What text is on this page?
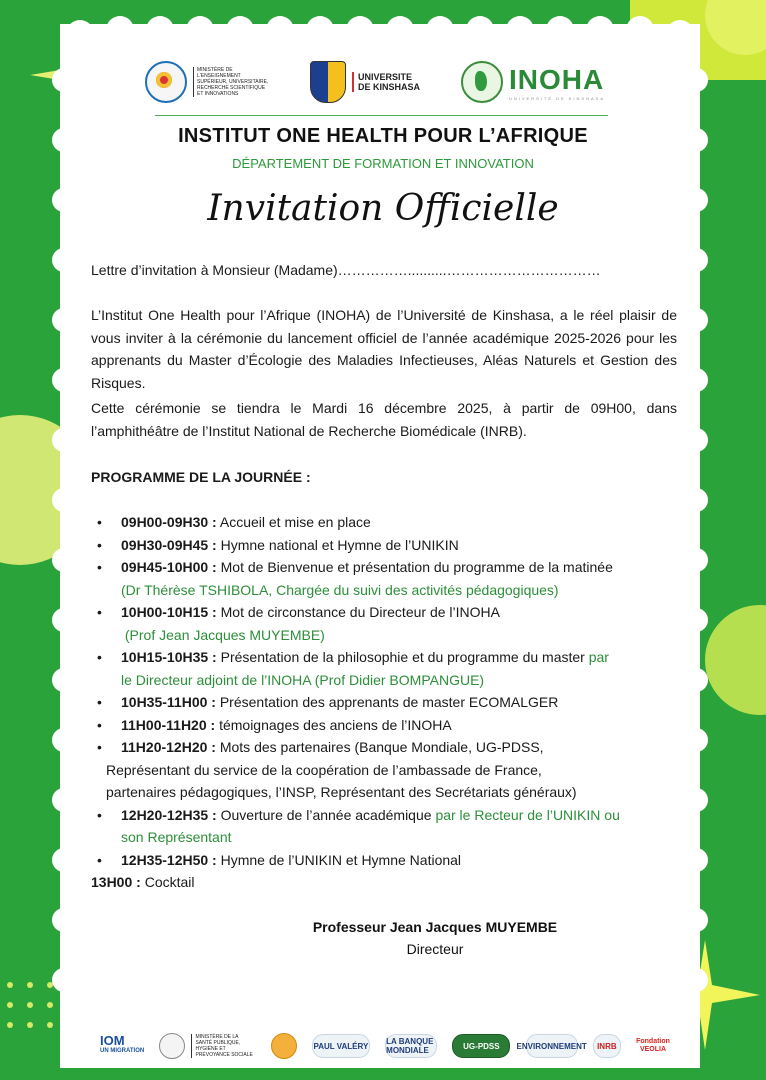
MINISTÈRE DE L'ENSEIGNEMENT SUPÉRIEUR, UNIVERSITAIRE, RECHERCHE SCIENTIFIQUE ET INNOVATIONS
UNIVERSITE
DE KINSHASA	INOHA
UNIVERSITÉ DE KINSHASA
INSTITUT ONE HEALTH POUR L’AFRIQUE
DÉPARTEMENT DE FORMATION ET INNOVATION
Invitation Officielle
Lettre d’invitation à Monsieur (Madame)……………..........……………………………
L’Institut One Health pour l’Afrique (INOHA) de l’Université de Kinshasa, a le réel plaisir de vous inviter à la cérémonie du lancement officiel de l’année académique 2025-2026 pour les apprenants du Master d’Écologie des Maladies Infectieuses, Aléas Naturels et Gestion des Risques.
Cette cérémonie se tiendra le Mardi 16 décembre 2025, à partir de 09H00, dans l’amphithéâtre de l’Institut National de Recherche Biomédicale (INRB).
PROGRAMME DE LA JOURNÉE :
• 09H00-09H30 : Accueil et mise en place
• 09H30-09H45 : Hymne national et Hymne de l’UNIKIN
• 09H45-10H00 : Mot de Bienvenue et présentation du programme de la matinée
(Dr Thérèse TSHIBOLA, Chargée du suivi des activités pédagogiques)
• 10H00-10H15 : Mot de circonstance du Directeur de l’INOHA
(Prof Jean Jacques MUYEMBE)
• 10H15-10H35 : Présentation de la philosophie et du programme du master par
le Directeur adjoint de l’INOHA (Prof Didier BOMPANGUE)
• 10H35-11H00 : Présentation des apprenants de master ECOMALGER
• 11H00-11H20 : témoignages des anciens de l’INOHA
• 11H20-12H20 : Mots des partenaires (Banque Mondiale, UG-PDSS,
Représentant du service de la coopération de l’ambassade de France,
partenaires pédagogiques, l’INSP, Représentant des Secrétariats généraux)
• 12H20-12H35 : Ouverture de l’année académique par le Recteur de l’UNIKIN ou
son Représentant
• 12H35-12H50 : Hymne de l’UNIKIN et Hymne National
13H00 : Cocktail
Professeur Jean Jacques MUYEMBE
Directeur
IOM
UN MIGRATION
MINISTÈRE DE LA SANTÉ PUBLIQUE, HYGIÈNE ET PRÉVOYANCE SOCIALE
PAUL VALÉRY LA BANQUE MONDIALE	UG-PDSS	ENVIRONNEMENT	INRB	Fondation
VEOLIA
